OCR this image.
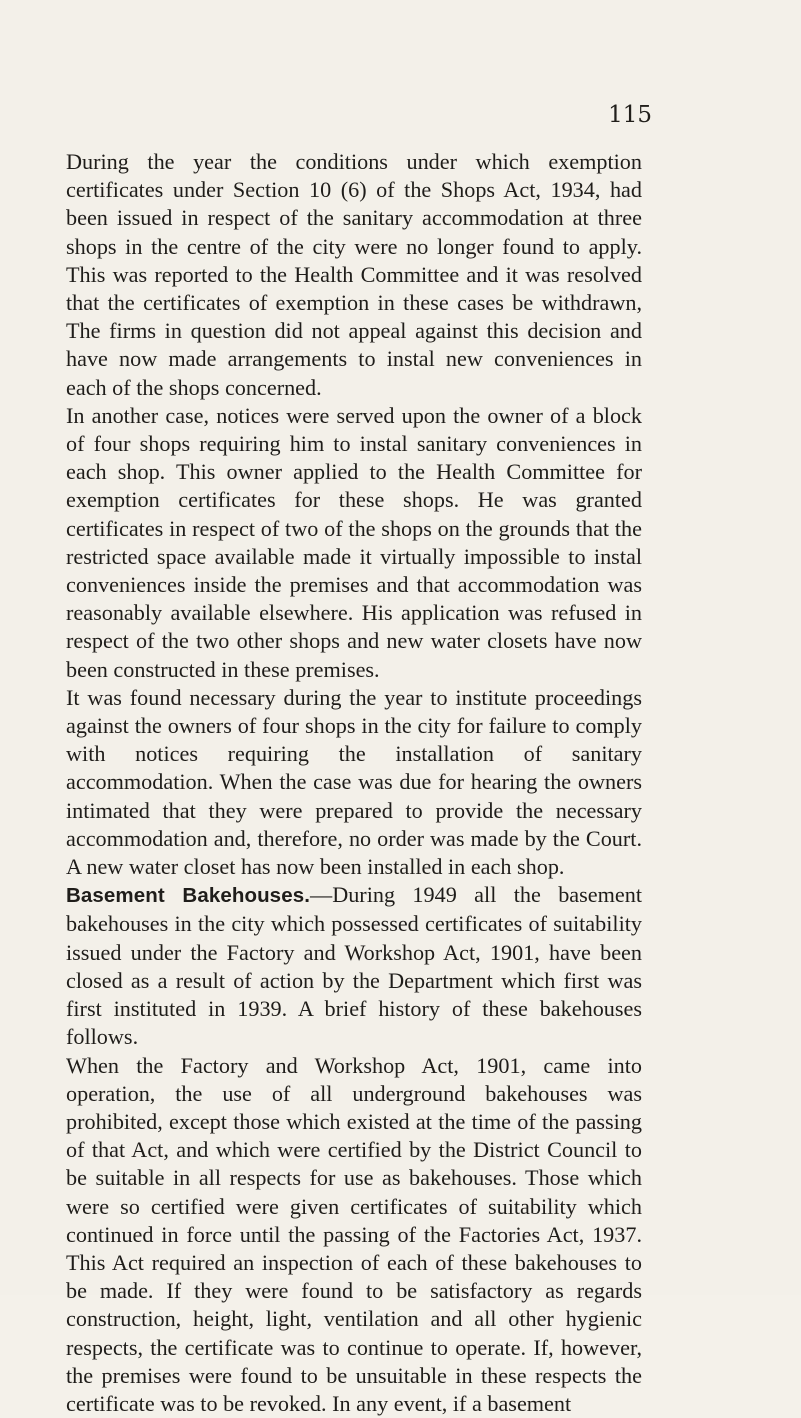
115

During the year the conditions under which exemption certificates under Section 10 (6) of the Shops Act, 1934, had been issued in respect of the sanitary accommodation at three shops in the centre of the city were no longer found to apply. This was reported to the Health Committee and it was resolved that the certificates of exemption in these cases be withdrawn, The firms in question did not appeal against this decision and have now made arrangements to instal new conveniences in each of the shops concerned.

In another case, notices were served upon the owner of a block of four shops requiring him to instal sanitary conveniences in each shop. This owner applied to the Health Committee for exemption certificates for these shops. He was granted certificates in respect of two of the shops on the grounds that the restricted space available made it virtually impossible to instal conveniences inside the premises and that accommodation was reasonably available elsewhere. His application was refused in respect of the two other shops and new water closets have now been constructed in these premises.

It was found necessary during the year to institute proceedings against the owners of four shops in the city for failure to comply with notices requiring the installation of sanitary accommodation. When the case was due for hearing the owners intimated that they were prepared to provide the necessary accommodation and, therefore, no order was made by the Court. A new water closet has now been installed in each shop.

Basement Bakehouses.—During 1949 all the basement bakehouses in the city which possessed certificates of suitability issued under the Factory and Workshop Act, 1901, have been closed as a result of action by the Department which first was first instituted in 1939. A brief history of these bakehouses follows.

When the Factory and Workshop Act, 1901, came into operation, the use of all underground bakehouses was prohibited, except those which existed at the time of the passing of that Act, and which were certified by the District Council to be suitable in all respects for use as bakehouses. Those which were so certified were given certificates of suitability which continued in force until the passing of the Factories Act, 1937. This Act required an inspection of each of these bakehouses to be made. If they were found to be satisfactory as regards construction, height, light, ventilation and all other hygienic respects, the certificate was to continue to operate. If, however, the premises were found to be unsuitable in these respects the certificate was to be revoked. In any event, if a basement
